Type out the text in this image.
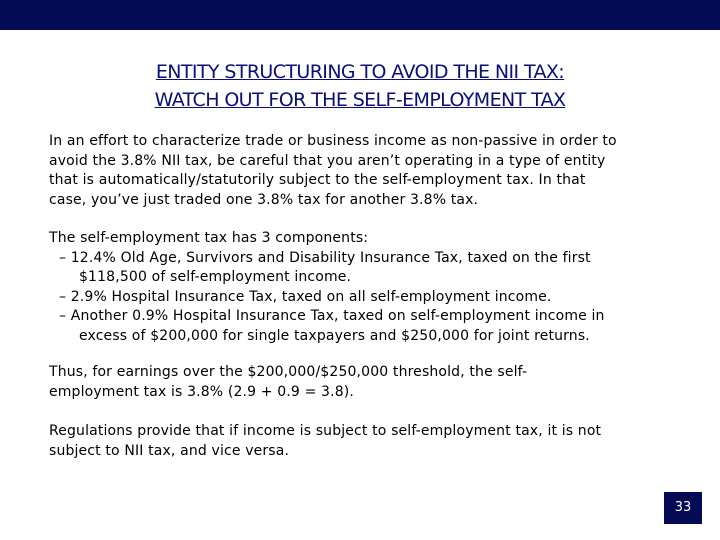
ENTITY STRUCTURING TO AVOID THE NII TAX:
WATCH OUT FOR THE SELF-EMPLOYMENT TAX
In an effort to characterize trade or business income as non-passive in order to
avoid the 3.8% NII tax, be careful that you aren’t operating in a type of entity
that is automatically/statutorily subject to the self-employment tax. In that
case, you’ve just traded one 3.8% tax for another 3.8% tax.
The self-employment tax has 3 components:
– 12.4% Old Age, Survivors and Disability Insurance Tax, taxed on the first
$118,500 of self-employment income.
– 2.9% Hospital Insurance Tax, taxed on all self-employment income.
– Another 0.9% Hospital Insurance Tax, taxed on self-employment income in
excess of $200,000 for single taxpayers and $250,000 for joint returns.
Thus, for earnings over the $200,000/$250,000 threshold, the self-
employment tax is 3.8% (2.9 + 0.9 = 3.8).
Regulations provide that if income is subject to self-employment tax, it is not
subject to NII tax, and vice versa.
33
